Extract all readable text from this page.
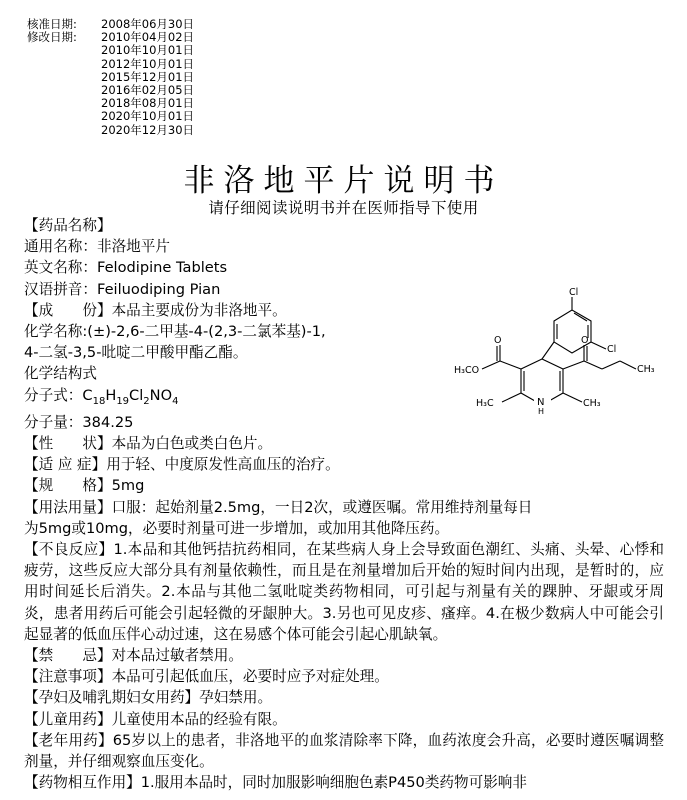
核准日期:	2008年06月30日
修改日期:	2010年04月02日
2010年10月01日
2012年10月01日
2015年12月01日
2016年02月05日
2018年08月01日
2020年10月01日
2020年12月30日
非洛地平片说明书
请仔细阅读说明书并在医师指导下使用
Cl
Cl
N
H
O
H₃CO
O
CH₃
H₃C	CH₃

【药品名称】

通用名称：非洛地平片

英文名称：Felodipine Tablets

汉语拼音：Feiluodiping Pian

【成　　份】本品主要成份为非洛地平。

化学名称:(±)-2,6-二甲基-4-(2,3-二氯苯基)-1,

4-二氢-3,5-吡啶二甲酸甲酯乙酯。

化学结构式

分子式：$C_{18}H_{19}Cl_2NO_4$

分子量：384.25

【性　　状】本品为白色或类白色片。

【适 应 症】用于轻、中度原发性高血压的治疗。

【规　　格】5mg

【用法用量】口服：起始剂量2.5mg，一日2次，或遵医嘱。常用维持剂量每日

为5mg或10mg，必要时剂量可进一步增加，或加用其他降压药。

【不良反应】1.本品和其他钙拮抗药相同，在某些病人身上会导致面色潮红、头痛、头晕、心悸和疲劳，这些反应大部分具有剂量依赖性，而且是在剂量增加后开始的短时间内出现，是暂时的，应用时间延长后消失。2.本品与其他二氢吡啶类药物相同，可引起与剂量有关的踝肿、牙龈或牙周炎，患者用药后可能会引起轻微的牙龈肿大。3.另也可见皮疹、瘙痒。4.在极少数病人中可能会引起显著的低血压伴心动过速，这在易感个体可能会引起心肌缺氧。

【禁　　忌】对本品过敏者禁用。

【注意事项】本品可引起低血压，必要时应予对症处理。

【孕妇及哺乳期妇女用药】孕妇禁用。

【儿童用药】儿童使用本品的经验有限。

【老年用药】65岁以上的患者，非洛地平的血浆清除率下降，血药浓度会升高，必要时遵医嘱调整剂量，并仔细观察血压变化。

【药物相互作用】1.服用本品时，同时加服影响细胞色素P450类药物可影响非
